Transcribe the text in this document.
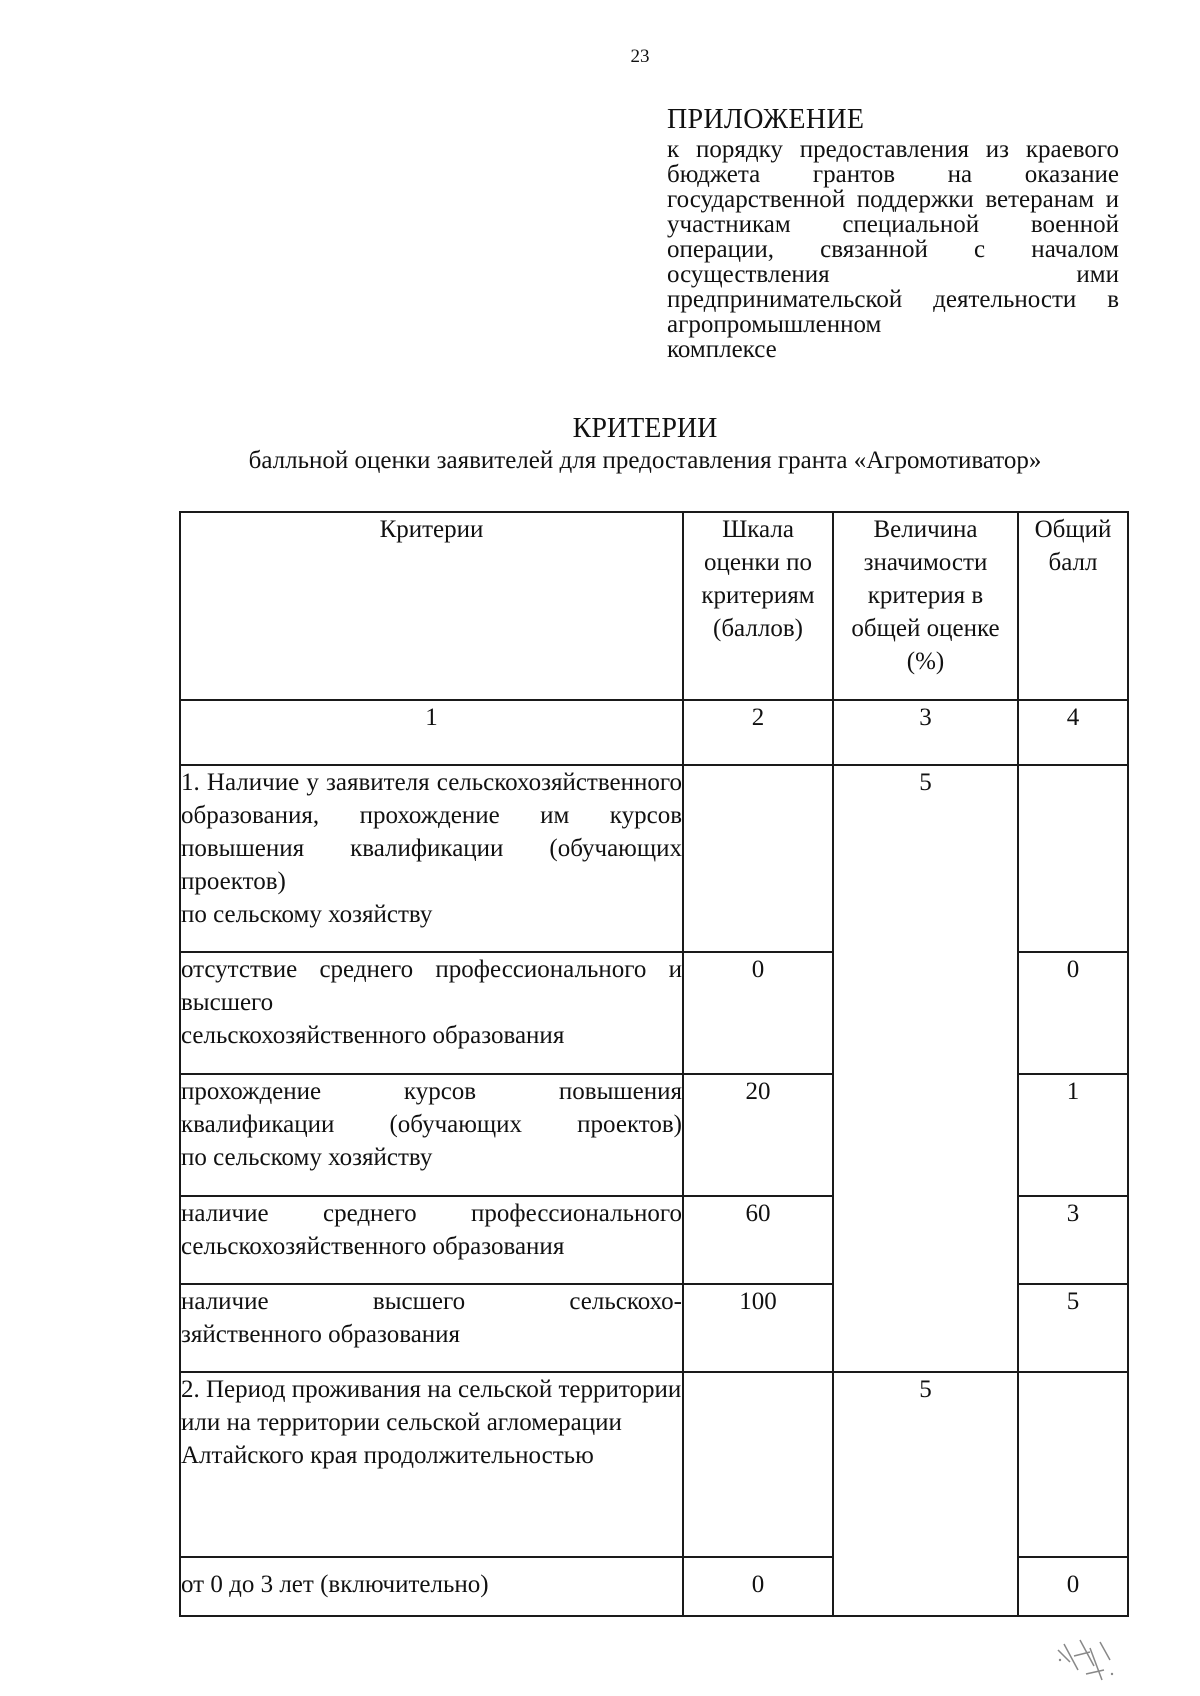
23
ПРИЛОЖЕНИЕ
к порядку предоставления из краевого бюджета грантов на оказание государственной поддержки ветеранам и участникам специальной военной операции, связанной с началом осуществления ими предпринимательской деятельности в агропромышленном
комплексе
КРИТЕРИИ
балльной оценки заявителей для предоставления гранта «Агромотиватор»
Критерии	Шкала оценки по критериям (баллов)	Величина значимости критерия в общей оценке (%)	Общий балл
1	2	3	4

1. Наличие у заявителя сельскохозяйственного образования, прохождение им курсов повышения квалификации (обучающих проектов)
по сельскому хозяйству		5	

отсутствие среднего профессионального и высшего
сельскохозяйственного образования	0		0

прохождение курсов повышения квалификации (обучающих проектов)
по сельскому хозяйству	20		1

наличие среднего профессионального
сельскохозяйственного образования	60		3

наличие высшего сельскохо-
зяйственного образования	100		5
2. Период проживания на сельской территории или на территории сельской агломерации Алтайского края продолжительностью		5	
от 0 до 3 лет (включительно)	0		0
